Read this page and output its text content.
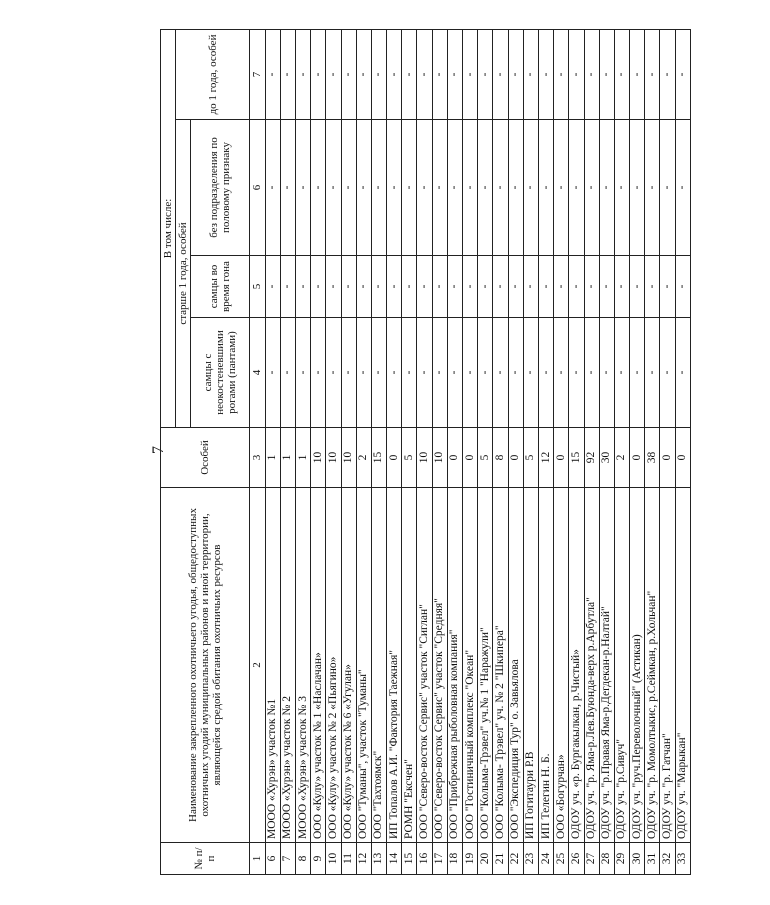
7
№ п/п	Наименование закрепленного охотничьего угодья, общедоступных охотничьих угодий муниципальных районов и иной территории, являющейся средой обитания охотничьих ресурсов	Особей	В том числе:			
			старше 1 года, особей			до 1 года, особей
			самцы с неокостеневшими рогами (пантами)	самцы во время гона	без подразделения по половому признаку	
1	2	3	4	5	6	7
6	МООО «Хурэн» участок №1	1	-	-	-	-
7	МООО «Хурэн» участок № 2	1	-	-	-	-
8	МООО «Хурэн» участок № 3	1	-	-	-	-
9	ООО «Кулу» участок № 1 «Наслачан»	10	-	-	-	-
10	ООО «Кулу» участок № 2 «Пьягино»	10	-	-	-	-
11	ООО «Кулу» участок № 6 «Угулан»	10	-	-	-	-
12	ООО "Туманы", участок "Туманы"	2	-	-	-	-
13	ООО "Тахтоямск"	15	-	-	-	-
14	ИП Топалов А.И. "Фактория Таежная"	0	-	-	-	-
15	РОМН "Ексчен"	5	-	-	-	-
16	ООО "Северо-восток Сервис" участок "Сиглан"	10	-	-	-	-
17	ООО "Северо-восток Сервис" участок "Средняя"	10	-	-	-	-
18	ООО "Прибрежная рыболовная компания"	0	-	-	-	-
19	ООО "Гостиничный комплекс "Океан"	0	-	-	-	-
20	ООО "Колыма-Трэвел" уч.№ 1 "Наражули"	5	-	-	-	-
21	ООО "Колыма- Трэвел" уч. № 2 "Шкипера"	8	-	-	-	-
22	ООО "Экспедиция Тур" о. Завьялова	0	-	-	-	-
23	ИП Гогитаури Р.В	5	-	-	-	-
24	ИП Телегин Н. Б.	12	-	-	-	-
25	ООО «Богурчан»	0	-	-	-	-
26	ОДОУ уч. «р. Бургакылкан, р.Чистый»	15	-	-	-	-
27	ОДОУ уч. "р. Яма-р.Лев.Буюнда-верх р.Арбутла"	92	-	-	-	-
28	ОДОУ уч. "р.Правая Яма-р.Дегдекан-р.Налтай"	30	-	-	-	-
29	ОДОУ уч. "р.Сивуч"	2	-	-	-	-
30	ОДОУ уч. "руч.Переволочный" (Астикан)	0	-	-	-	-
31	ОДОУ уч. "р. Момолтыкис, р.Сеймкан, р.Хольчан"	38	-	-	-	-
32	ОДОУ уч. "р. Гатчан"	0	-	-	-	-
33	ОДОУ уч. "Марыкан"	0	-	-	-	-
